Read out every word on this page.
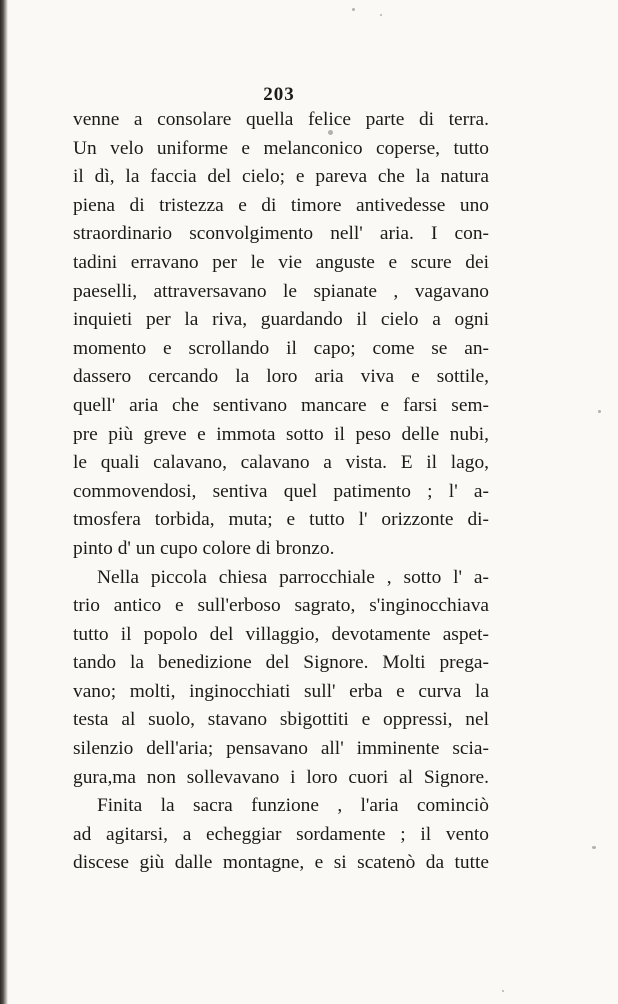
203
venne a consolare quella felice parte di terra.
Un velo uniforme e melanconico coperse, tutto
il dì, la faccia del cielo; e pareva che la natura
piena di tristezza e di timore antivedesse uno
straordinario sconvolgimento nell' aria. I con-
tadini erravano per le vie anguste e scure dei
paeselli, attraversavano le spianate , vagavano
inquieti per la riva, guardando il cielo a ogni
momento e scrollando il capo; come se an-
dassero cercando la loro aria viva e sottile,
quell' aria che sentivano mancare e farsi sem-
pre più greve e immota sotto il peso delle nubi,
le quali calavano, calavano a vista. E il lago,
commovendosi, sentiva quel patimento ; l' a-
tmosfera torbida, muta; e tutto l' orizzonte di-
pinto d' un cupo colore di bronzo.
Nella piccola chiesa parrocchiale , sotto l' a-
trio antico e sull'erboso sagrato, s'inginocchiava
tutto il popolo del villaggio, devotamente aspet-
tando la benedizione del Signore. Molti prega-
vano; molti, inginocchiati sull' erba e curva la
testa al suolo, stavano sbigottiti e oppressi, nel
silenzio dell'aria; pensavano all' imminente scia-
gura,ma non sollevavano i loro cuori al Signore.
Finita la sacra funzione , l'aria cominciò
ad agitarsi, a echeggiar sordamente ; il vento
discese giù dalle montagne, e si scatenò da tutte
